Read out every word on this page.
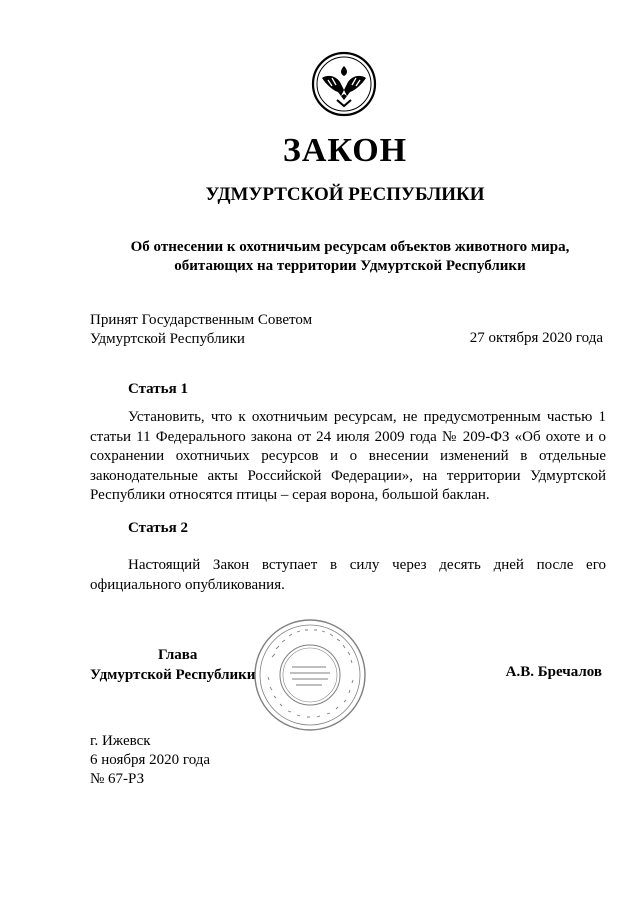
ЗАКОН
УДМУРТСКОЙ РЕСПУБЛИКИ
Об отнесении к охотничьим ресурсам объектов животного мира,
обитающих на территории Удмуртской Республики
Принят Государственным Советом
Удмуртской Республики	27 октября 2020 года
Статья 1
Установить, что к охотничьим ресурсам, не предусмотренным частью 1 статьи 11 Федерального закона от 24 июля 2009 года № 209-ФЗ «Об охоте и о сохранении охотничьих ресурсов и о внесении изменений в отдельные законодательные акты Российской Федерации», на территории Удмуртской Республики относятся птицы – серая ворона, большой баклан.
Статья 2
Настоящий Закон вступает в силу через десять дней после его официального опубликования.
Глава
Удмуртской Республики	А.В. Бречалов
г. Ижевск
6 ноября 2020 года
№ 67-РЗ
